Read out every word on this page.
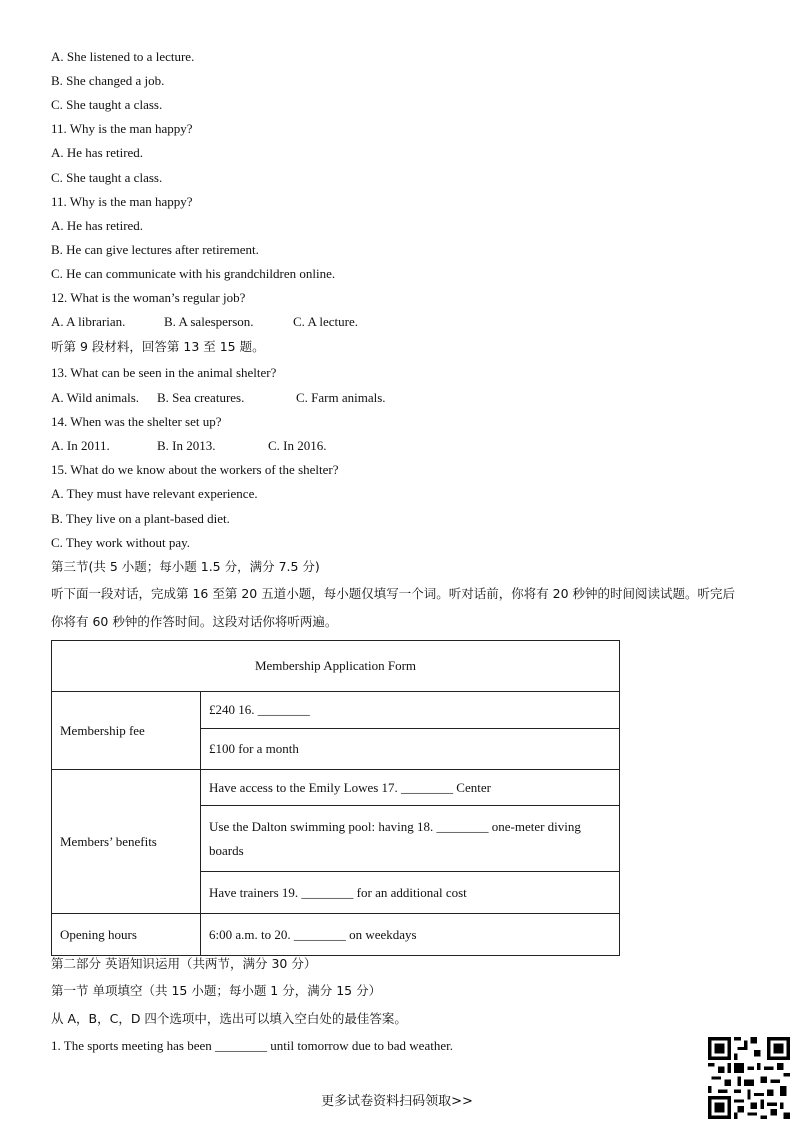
A. She listened to a lecture.
B. She changed a job.
C. She taught a class.
11. Why is the man happy?
A. He has retired.
C. She taught a class.
11. Why is the man happy?
A. He has retired.
B. He can give lectures after retirement.
C. He can communicate with his grandchildren online.
12. What is the woman’s regular job?
A. A librarian.	B. A salesperson.	C. A lecture.
听第 9 段材料，回答第 13 至 15 题。
13. What can be seen in the animal shelter?
A. Wild animals. B. Sea creatures.	C. Farm animals.
14. When was the shelter set up?
A. In 2011.	B. In 2013.	C. In 2016.
15. What do we know about the workers of the shelter?
A. They must have relevant experience.
B. They live on a plant-based diet.
C. They work without pay.
第三节(共 5 小题；每小题 1.5 分，满分 7.5 分)
听下面一段对话，完成第 16 至第 20 五道小题，每小题仅填写一个词。听对话前，你将有 20 秒钟的时间阅读试题。听完后你将有 60 秒钟的作答时间。这段对话你将听两遍。
Membership Application Form	
Membership fee	£240 16. ________
	£100 for a month
Members’ benefits	Have access to the Emily Lowes 17. ________ Center
	Use the Dalton swimming pool: having 18. ________ one-meter diving boards
	Have trainers 19. ________ for an additional cost
Opening hours	6:00 a.m. to 20. ________ on weekdays
第二部分 英语知识运用（共两节，满分 30 分）
第一节 单项填空（共 15 小题；每小题 1 分，满分 15 分）
从 A，B，C，D 四个选项中，选出可以填入空白处的最佳答案。
1. The sports meeting has been ________ until tomorrow due to bad weather.
更多试卷资料扫码领取>>
